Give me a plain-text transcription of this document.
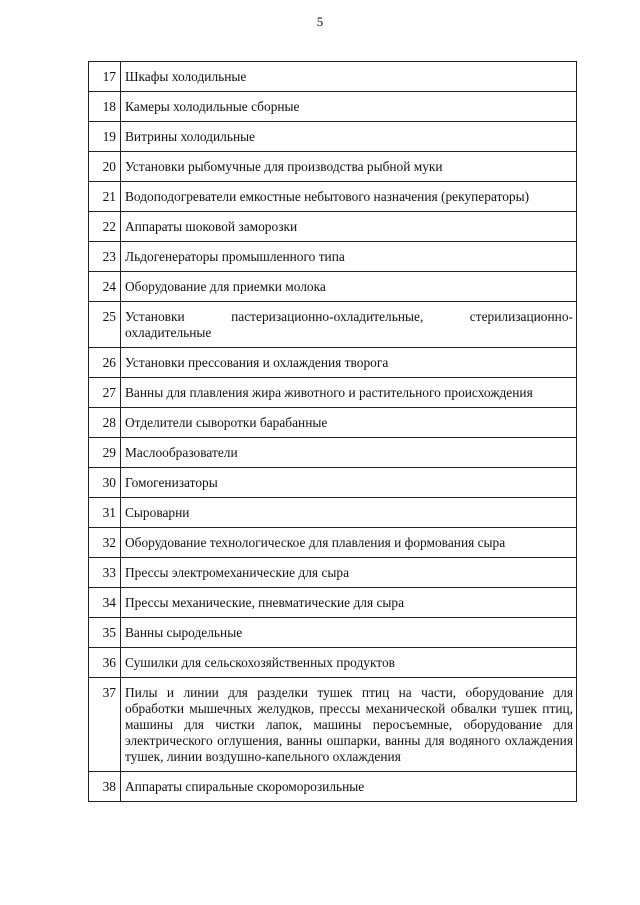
5
17	Шкафы холодильные
18	Камеры холодильные сборные
19	Витрины холодильные
20	Установки рыбомучные для производства рыбной муки
21	Водоподогреватели емкостные небытового назначения (рекуператоры)
22	Аппараты шоковой заморозки
23	Льдогенераторы промышленного типа
24	Оборудование для приемки молока
25	Установки пастеризационно-охладительные, стерилизационно-охладительные
26	Установки прессования и охлаждения творога
27	Ванны для плавления жира животного и растительного происхождения
28	Отделители сыворотки барабанные
29	Маслообразователи
30	Гомогенизаторы
31	Сыроварни
32	Оборудование технологическое для плавления и формования сыра
33	Прессы электромеханические для сыра
34	Прессы механические, пневматические для сыра
35	Ванны сыродельные
36	Сушилки для сельскохозяйственных продуктов
37	Пилы и линии для разделки тушек птиц на части, оборудование для обработки мышечных желудков, прессы механической обвалки тушек птиц, машины для чистки лапок, машины перосъемные, оборудование для электрического оглушения, ванны ошпарки, ванны для водяного охлаждения тушек, линии воздушно-капельного охлаждения
38	Аппараты спиральные скороморозильные
